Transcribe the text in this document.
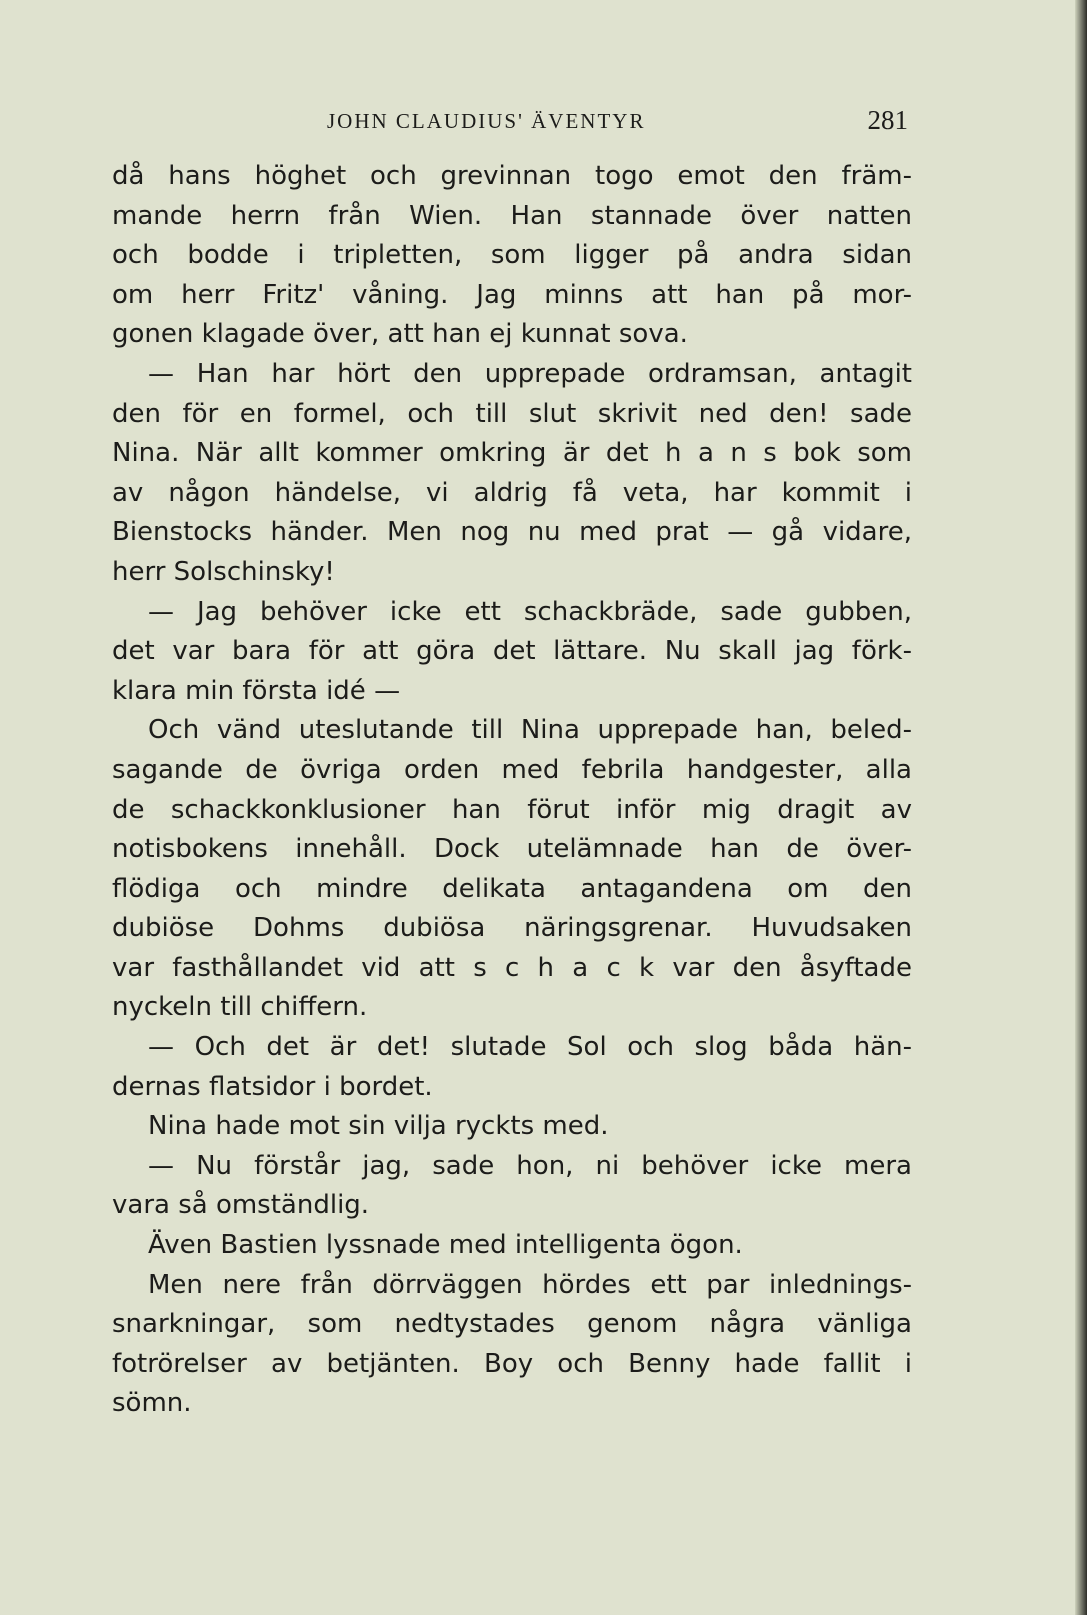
JOHN CLAUDIUS' ÄVENTYR	281
då hans höghet och grevinnan togo emot den främ-
mande herrn från Wien. Han stannade över natten
och bodde i tripletten, som ligger på andra sidan
om herr Fritz' våning. Jag minns att han på mor-
gonen klagade över, att han ej kunnat sova.
— Han har hört den upprepade ordramsan, antagit
den för en formel, och till slut skrivit ned den! sade
Nina. När allt kommer omkring är det h a n s bok som
av någon händelse, vi aldrig få veta, har kommit i
Bienstocks händer. Men nog nu med prat — gå vidare,
herr Solschinsky!
— Jag behöver icke ett schackbräde, sade gubben,
det var bara för att göra det lättare. Nu skall jag förk-
klara min första idé —
Och vänd uteslutande till Nina upprepade han, beled-
sagande de övriga orden med febrila handgester, alla
de schackkonklusioner han förut inför mig dragit av
notisbokens innehåll. Dock utelämnade han de över-
flödiga och mindre delikata antagandena om den
dubiöse Dohms dubiösa näringsgrenar. Huvudsaken
var fasthållandet vid att s c h a c k var den åsyftade
nyckeln till chiffern.
— Och det är det! slutade Sol och slog båda hän-
dernas flatsidor i bordet.
Nina hade mot sin vilja ryckts med.
— Nu förstår jag, sade hon, ni behöver icke mera
vara så omständlig.
Även Bastien lyssnade med intelligenta ögon.
Men nere från dörrväggen hördes ett par inlednings-
snarkningar, som nedtystades genom några vänliga
fotrörelser av betjänten. Boy och Benny hade fallit i
sömn.
